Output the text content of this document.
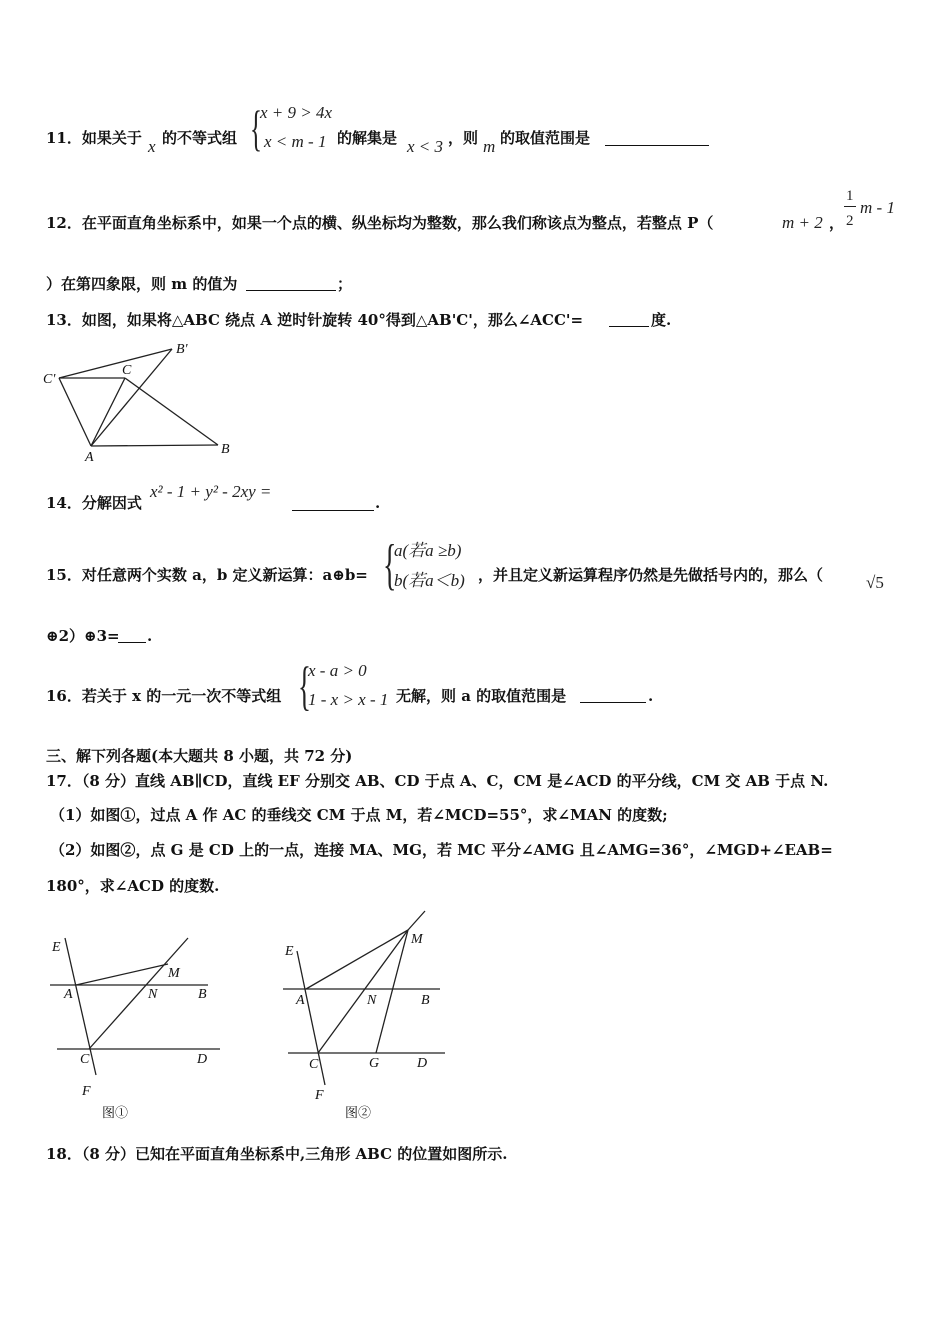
11．如果关于 x 的不等式组 {
x + 9 > 4x
x < m - 1 的解集是 x < 3 ，则 m 的取值范围是
12．在平面直角坐标系中，如果一个点的横、纵坐标均为整数，那么我们称该点为整点，若整点 P（	m + 2 ，
1
2
m - 1
）在第四象限，则 m 的值为	；
13．如图，如果将△ABC 绕点 A 逆时针旋转 40°得到△AB'C'，那么∠ACC'=	度.
C'
B'
C
A
B
14．分解因式
x² - 1 + y² - 2xy =
.
15．对任意两个实数 a，b 定义新运算：a⊕b= {
a(若a ≥b)
b(若a＜b) ，并且定义新运算程序仍然是先做括号内的，那么（	√5
⊕2）⊕3= .
16．若关于 x 的一元一次不等式组 {
x - a > 0
1 - x > x - 1 无解，则 a 的取值范围是	.
三、解下列各题(本大题共 8 小题，共 72 分)
17．（8 分）直线 AB∥CD，直线 EF 分别交 AB、CD 于点 A、C，CM 是∠ACD 的平分线，CM 交 AB 于点 N.
（1）如图①，过点 A 作 AC 的垂线交 CM 于点 M，若∠MCD=55°，求∠MAN 的度数;
（2）如图②，点 G 是 CD 上的一点，连接 MA、MG，若 MC 平分∠AMG 且∠AMG=36°，∠MGD+∠EAB=
180°，求∠ACD 的度数.
E
M
A	N	B
C	D
F
图①
E
M
A	N	B
C	G	D
F
图②
18．（8 分）已知在平面直角坐标系中,三角形 ABC 的位置如图所示.
